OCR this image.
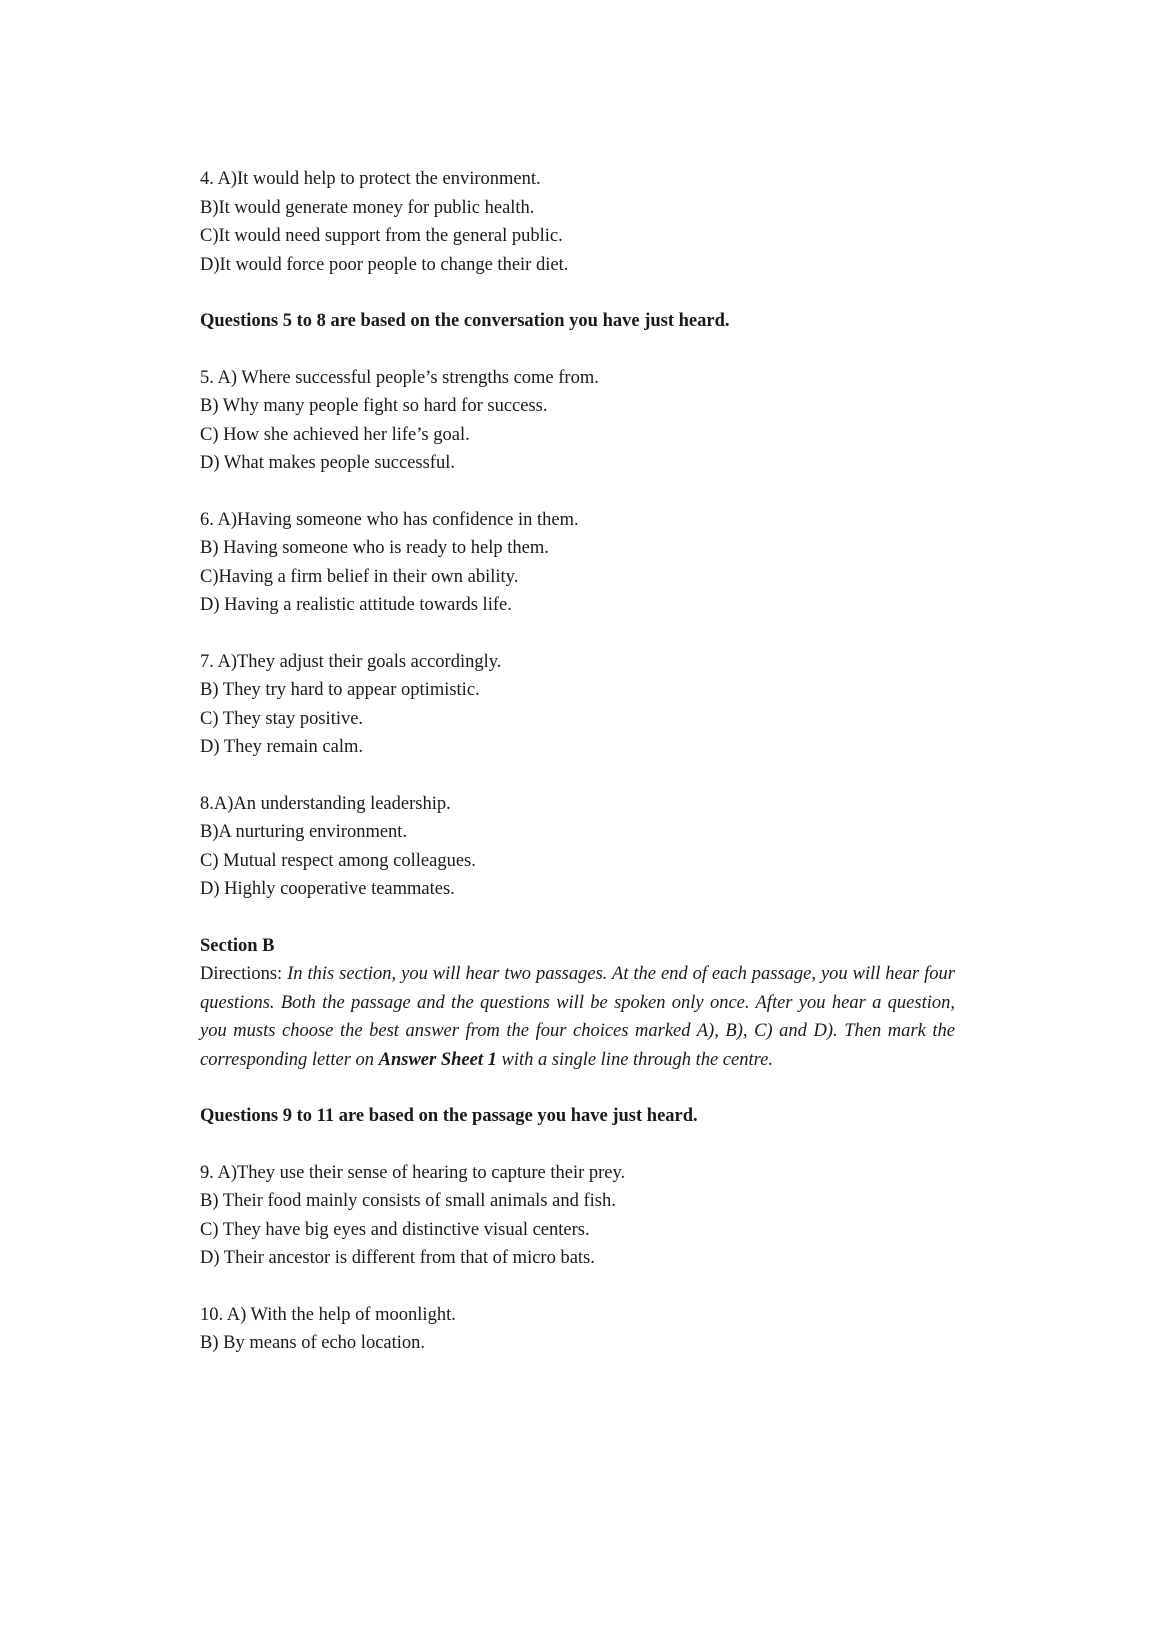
4. A)It would help to protect the environment.
B)It would generate money for public health.
C)It would need support from the general public.
D)It would force poor people to change their diet.
Questions 5 to 8 are based on the conversation you have just heard.
5. A) Where successful people’s strengths come from.
B) Why many people fight so hard for success.
C) How she achieved her life’s goal.
D) What makes people successful.
6. A)Having someone who has confidence in them.
B) Having someone who is ready to help them.
C)Having a firm belief in their own ability.
D) Having a realistic attitude towards life.
7. A)They adjust their goals accordingly.
B) They try hard to appear optimistic.
C) They stay positive.
D) They remain calm.
8.A)An understanding leadership.
B)A nurturing environment.
C) Mutual respect among colleagues.
D) Highly cooperative teammates.
Section B
Directions: In this section, you will hear two passages. At the end of each passage, you will hear four questions. Both the passage and the questions will be spoken only once. After you hear a question, you musts choose the best answer from the four choices marked A), B), C) and D). Then mark the corresponding letter on Answer Sheet 1 with a single line through the centre.
Questions 9 to 11 are based on the passage you have just heard.
9. A)They use their sense of hearing to capture their prey.
B) Their food mainly consists of small animals and fish.
C) They have big eyes and distinctive visual centers.
D) Their ancestor is different from that of micro bats.
10. A) With the help of moonlight.
B) By means of echo location.
